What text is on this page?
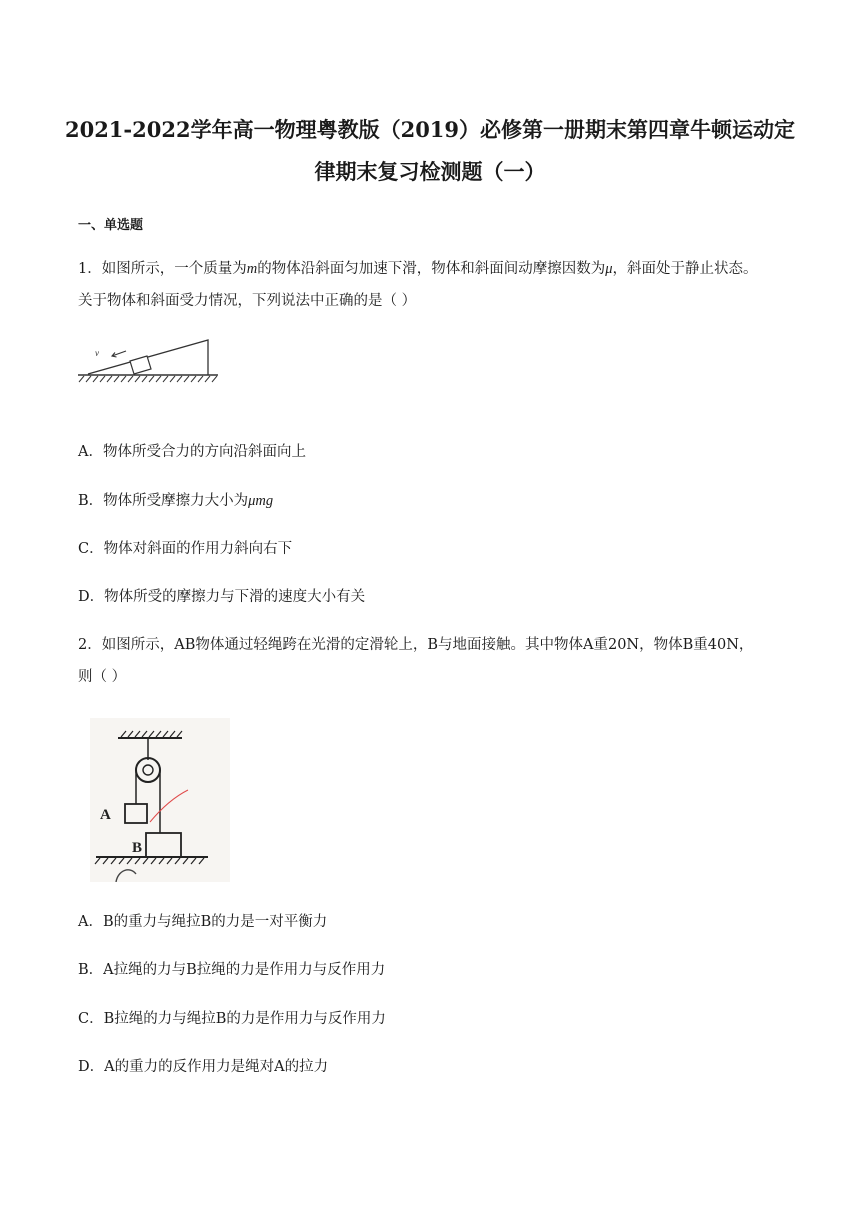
2021-2022学年高一物理粤教版（2019）必修第一册期末第四章牛顿运动定
律期末复习检测题（一）
一、单选题
1．如图所示，一个质量为m的物体沿斜面匀加速下滑，物体和斜面间动摩擦因数为μ，斜面处于静止状态。
关于物体和斜面受力情况，下列说法中正确的是（ ）
v
A．物体所受合力的方向沿斜面向上
B．物体所受摩擦力大小为μmg
C．物体对斜面的作用力斜向右下
D．物体所受的摩擦力与下滑的速度大小有关
2．如图所示，AB物体通过轻绳跨在光滑的定滑轮上，B与地面接触。其中物体A重20N，物体B重40N，
则（ ）
A
B
A．B的重力与绳拉B的力是一对平衡力
B．A拉绳的力与B拉绳的力是作用力与反作用力
C．B拉绳的力与绳拉B的力是作用力与反作用力
D．A的重力的反作用力是绳对A的拉力
